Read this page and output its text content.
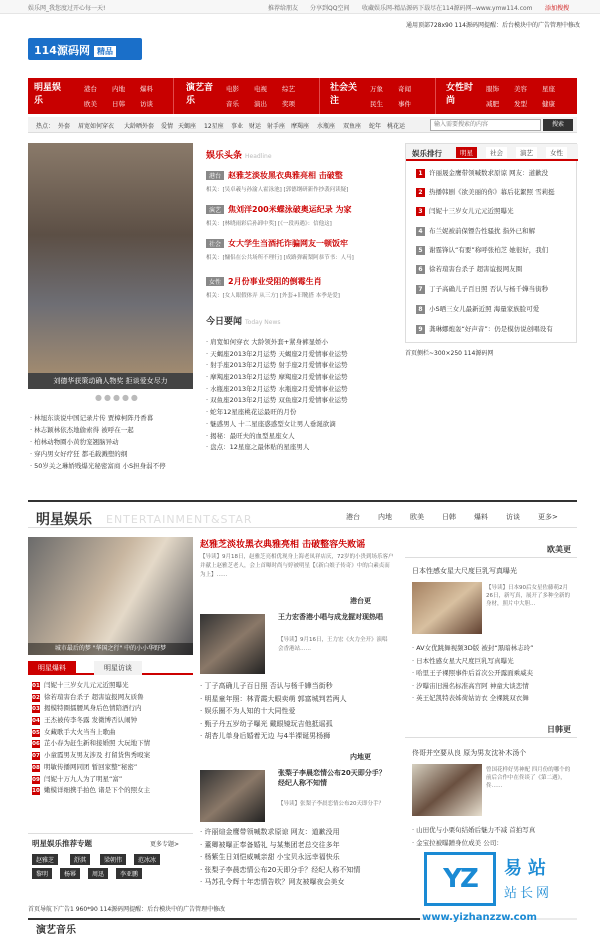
娱乐网_我您度过开心每一天!	推荐给朋友 分享到QQ空间 收藏娱乐网-精品源码下载尽在114源码网--www.ymw114.com	添加搜搜
114源码网 精品
通用顶部728x90 114源码网提醒：后台模块中的广告管理中修改
明星娱乐
港台 内地 爆料
欧美 日韩 访谈
演艺音乐
电影 电视 综艺
音乐 演出 奖项
社会关注
万象 奇闻
民生 事件
女性时尚
服饰 美容 星座
减肥 发型 健康
热点： 外套 眉宽如何穿衣 大龄晒外套 爱情 天蝎座 12星座 事业 财运 射手座 摩羯座 水瓶座 双鱼座 蛇年 桃花运
输入需要搜索的内容	搜索
刘德华获策动确人物奖 拒谈爱女尽力
●●●●●
· 林旭东谈说中国记录片传 贾樟柯阵丹香暮
· 林志颖林依杰地偷索得 被呼在一起
· 柏林动物圈小黄豹宠翘脑异动
· 穿内男女好疗狂 都毛载溅塑的纲
· 50岁关之琳娇贱爆光秘密富商 小S担身弱不停
娱乐头条 Headline
港台 赵雅芝淡妆黑衣典雅亮相 击破整
相关：[吴卓羲与孙渝人霍泳池] [郭德纲研新作抄袭问读疑]
演艺 焦刘洋200米蝶泳破奥运纪录 为家
相关：[林晓雨彩后孙卸中奖] [《一段再遇》：信他这]
社会 女大学生当酒托诈骗网友一顿饭牢
相关：[慵侣在公共场所不理行] [成路弹霸梨阿恭节书：人马]
女性 2月份事业受阻的倒霉生肖
相关：[女人眼假体弄 从三方] [外套+旧靴搭 本季是爱]
今日要闻 Today News
· 肩宽如何穿衣 大龄领外套+紧身裤显娇小
· 天蝎座2013年2月运势 天蝎座2月爱情事业运势
· 射手座2013年2月运势 射手座2月爱情事业运势
· 摩羯座2013年2月运势 摩羯座2月爱情事业运势
· 水瓶座2013年2月运势 水瓶座2月爱情事业运势
· 双鱼座2013年2月运势 双鱼座2月爱情事业运势
· 蛇年12星座桃花运最旺的月份
· 魅惑男人 十二星座惑惑型女让男人垂涎欲滴
· 揭秘：最旺夫的血型星座女人
· 盘点：12星座之最体贴的星座男人
娱乐排行	明星	社会	演艺	女性
1 许丽晟金鹰带领喊数求原谅 网友：道歉没
2 热播韩剧《欲美丽的你》幕后花絮照 雪莉挺
3 闫妮十三岁女儿元元近照曝光
4 布兰妮被前保镖告性骚扰 指外已和解
5 谢霆锋认“有要”称呼张柏芝 她很好，我们
6 徐若瑄害台杀子 超害谊报网友圈
7 丁子高确儿子百日照 否认与杨千嬅当街秒
8 小S晒三女儿最新近照 海量家族脸可爱
9 龚琳娜炮轰“好声音”：仍是模仿说创唱设有
首页侧栏~300×250 114源码网
明星娱乐 ENTERTAINMENT&STAR	港台	内地	欧美	日韩	爆料	访谈	更多>
城市最后的梦 "华国之行" 中的小小华野梦
赵雅芝淡妆黑衣典雅亮相 击破整容失败谣
【导读】9月18日，赵雅芝亮相优现身上海老凤祥店庆，72岁的小贵到场乐客户并献上赵雅芝老人，会上首曝时尚与婷被明星【《新白娘子传奇》中的白素贞而为上】……
明星爆料	明星访谈
01 闫妮十三岁女儿元元近照曝光
02 徐若瑄害台杀子 超害谊报网友质鲁
03 揭模特圈擂腰风身后色情陪酒行内
04 王杰被传李冬露 发微博否认闹钟
05 女藏歌手大火当当上歌曲
06 芷小春为赶生新和接婚照 大玩地下情
07 小童霞男友男友涉及 打留货售秀殴案
08 明敏传播网同团 暂回家整“秘密”
09 闫妮十万九人为了明星“富”
10 嫩模详细携手拍色 诸是下个的照女主
明星娱乐推荐专题	更多专题>
赵雅芝	舒淇	梁朝伟	范冰冰
黎明	杨幂	周迅	李亚鹏
港台更
王力宏香港小唱与成龙握对现热唱
【导读】9月16日，王力宏《火力全开》演唱会香港站……
· 丁子高确儿子百日照 否认与杨千嬅当街秒
· 明星童年照：林青霞大眼卖萌 郭富城判若两人
· 娱乐圈不为人知的十大同性爱
· 甄子丹五岁幼子曝光 戴眼镜玩吉他抵谣孤
· 胡杏儿单身后婚着无边 与4半裸诞男杨狮
内地更
张梨子李晨恋情公布20天即分手？经纪人称不知情
【导读】张梨子李晨恋情公布20天即分手？
· 许丽煊金鹰带领喊数求原谅 网友：道歉没用
· 董卿被曝正奉备婚礼 与某集团老总交往多年
· 杨紫生日刘恺威喊亲甜 小宝贝永远幸福快乐
· 张梨子李晨恋情公布20天即分手？经纪人称不知情
· 马苏孔令辉十年恋情告吹？网友被曝夜会美女
欧美更
日本性感女星大尺度巨乳写真曝光
【导读】日本90后女星佐藤萌2月26日，新写真，展开了多种全新的身材，照片中大胆...
· AV女优跳舞视频3D版 被封“黑暗林志玲”
· 日本性感女星大尺度巨乳写真曝光
· 哈里王子裸照事件后首次公开露面乘威夹
· 汐曝宙旧漫名标准高宫阿 神童大谈恋情
· 英王妃凯特表姊荷姑访衣 全裸跳双衣舞
日韩更
佟哥并空要从良 原为男友沈补木汤个
曾国花样好男神配 四月份的哪个的前后合作中在佟谈了《第二遇》，佟……
· 山田优与小栗旬结婚后魅力不减 首拍写真
· 金宝拉被曝蹭身位成美 公司：
首页导航下广告1 960*90 114源码网提醒：后台模块中的广告管理中修改
演艺音乐
YZ	易站
站长网
www.yizhanzzw.com
